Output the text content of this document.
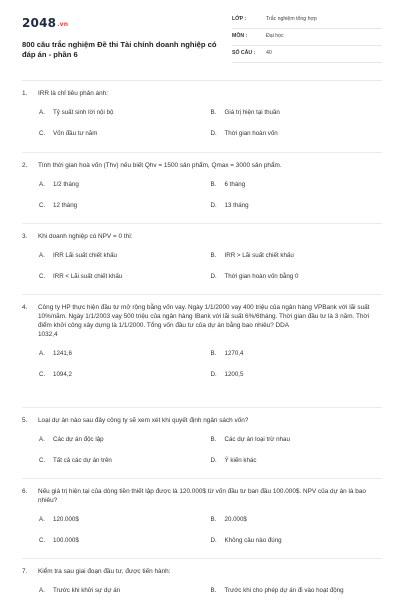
2048.vn
800 câu trắc nghiệm Đề thi Tài chính doanh nghiệp có đáp án - phần 6
LỚP :	Trắc nghiệm tổng hợp
MÔN :	Đại học
SỐ CÂU : 40
1.	IRR là chỉ tiêu phản ánh:
A.	Tỷ suất sinh lời nội bộ	B.	Giá trị hiện tại thuần
C.	Vốn đầu tư năm	D.	Thời gian hoàn vốn
2.	Tính thời gian hoà vốn (Thv) nếu biết Qhv = 1500 sản phẩm, Qmax = 3000 sản phẩm.
A.	1/2 tháng	B.	6 tháng
C.	12 tháng	D.	13 tháng
3.	Khi doanh nghiệp có NPV = 0 thì:
A.	IRR Lãi suất chiết khấu	B.	IRR > Lãi suất chiết khấu
C.	IRR < Lãi suất chiết khấu	D.	Thời gian hoàn vốn bằng 0
4.	Công ty HP thực hiện đầu tư mở rộng bằng vốn vay. Ngày 1/1/2000 vay 400 triệu của ngân hàng VPBank với lãi suất 10%/năm. Ngày 1/1/2003 vay 500 triệu của ngân hàng IBank với lãi suất 6%/6tháng. Thời gian đầu tư là 3 năm. Thời điểm khởi công xây dựng là 1/1/2000. Tổng vốn đầu tư của dự án bằng bao nhiêu? DDA
1032,4
A.	1241,6	B.	1270,4
C.	1094,2	D.	1200,5
5.	Loại dự án nào sau đây công ty sẽ xem xét khi quyết định ngân sách vốn?
A.	Các dự án độc lập	B.	Các dự án loại trừ nhau
C.	Tất cả các dự án trên	D.	Ý kiến khác
6.	Nếu giá trị hiện tại của dòng tiền thiết lập được là 120.000$ từ vốn đầu tư ban đầu 100.000$. NPV của dự án là bao nhiêu?
A.	120.000$	B.	20.000$
C.	100.000$	D.	Không câu nào đúng
7.	Kiểm tra sau giai đoạn đầu tư, được tiến hành:
A.	Trước khi khởi sự dự án	B.	Trước khi cho phép dự án đi vào hoạt động
